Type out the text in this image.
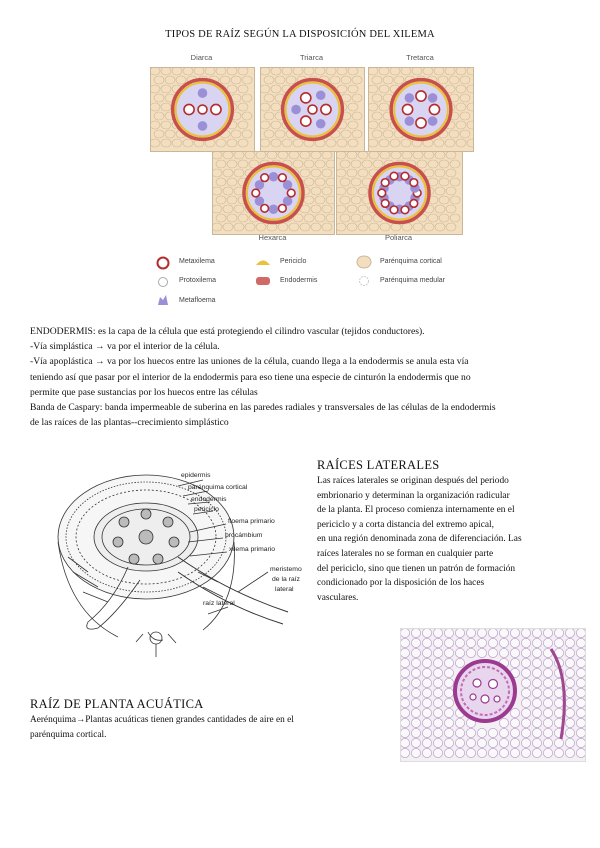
TIPOS DE RAÍZ SEGÚN LA DISPOSICIÓN DEL XILEMA
Diarca	Triarca	Tretarca
Hexarca	Poliarca
Metaxilema	Periciclo	Parénquima cortical
Protoxilema	Endodermis	Parénquima medular
Metafloema
ENDODERMIS: es la capa de la célula que está protegiendo el cilindro vascular (tejidos conductores).
-Vía simplástica → va por el interior de la célula.
-Vía apoplástica → va por los huecos entre las uniones de la célula, cuando llega a la endodermis se anula esta vía
teniendo así que pasar por el interior de la endodermis para eso tiene una especie de cinturón la endodermis que no
permite que pase sustancias por los huecos entre las células
Banda de Caspary: banda impermeable de suberina en las paredes radiales y transversales de las células de la endodermis
de las raíces de las plantas--crecimiento simplástico
epidermis
parénquima cortical
endodermis
periciclo
floema primario
procámbium
xilema primario
meristemo
de la raíz
lateral
raíz lateral
RAÍCES LATERALES
Las raíces laterales se originan después del periodo
embrionario y determinan la organización radicular
de la planta. El proceso comienza internamente en el
periciclo y a corta distancia del extremo apical,
en una región denominada zona de diferenciación. Las
raíces laterales no se forman en cualquier parte
del periciclo, sino que tienen un patrón de formación
condicionado por la disposición de los haces
vasculares.
RAÍZ DE PLANTA ACUÁTICA
Aerénquima→Plantas acuáticas tienen grandes cantidades de aire en el
parénquima cortical.
